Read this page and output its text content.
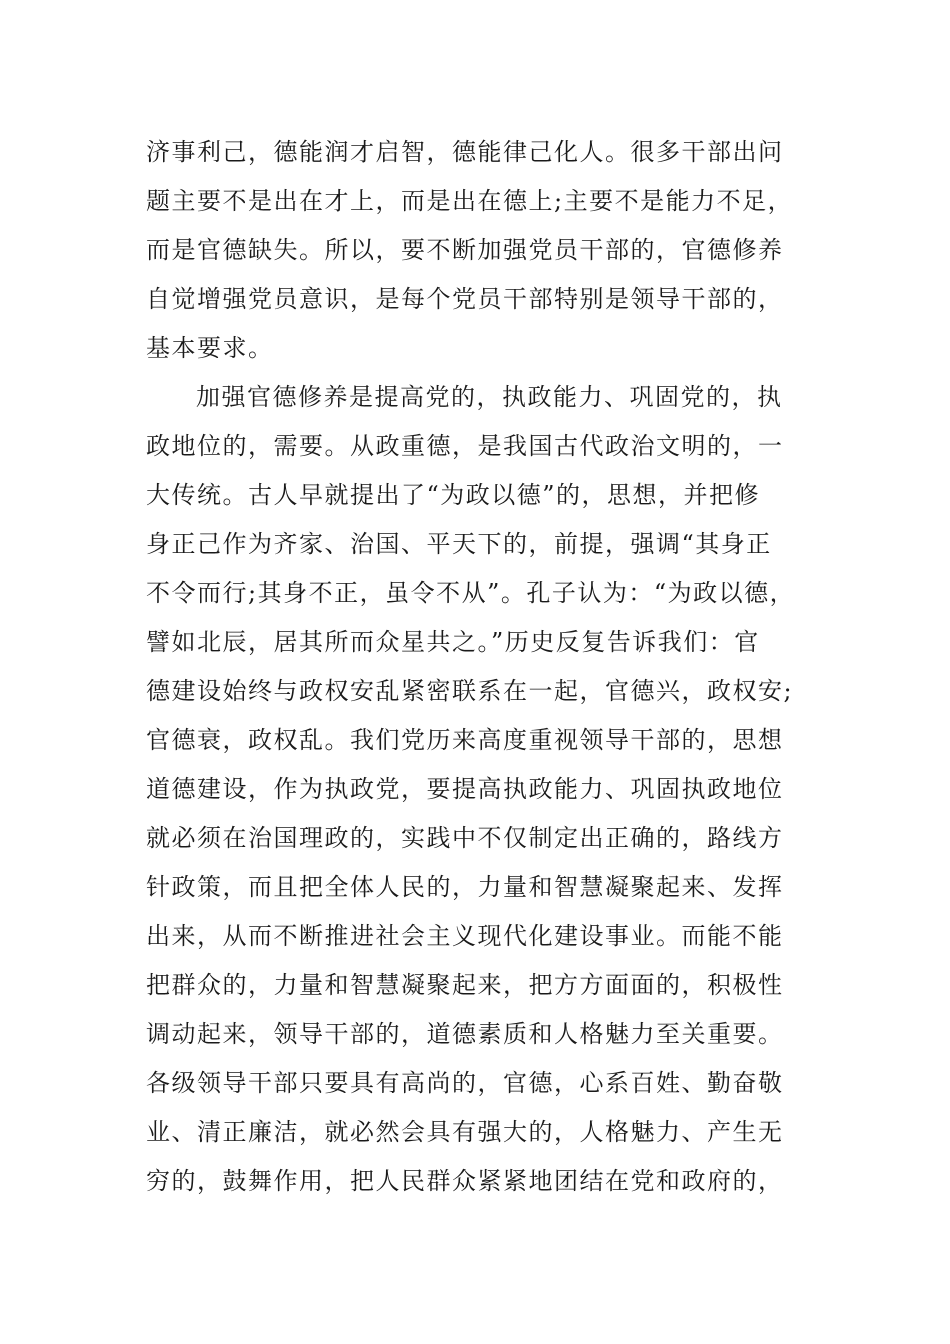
济事利己，德能润才启智，德能律己化人。很多干部出问
题主要不是出在才上，而是出在德上;主要不是能力不足，
而是官德缺失。所以，要不断加强党员干部的，官德修养
自觉增强党员意识，是每个党员干部特别是领导干部的，
基本要求。
加强官德修养是提高党的，执政能力、巩固党的，执
政地位的，需要。从政重德，是我国古代政治文明的，一
大传统。古人早就提出了“为政以德”的，思想，并把修
身正己作为齐家、治国、平天下的，前提，强调“其身正
不令而行;其身不正，虽令不从”。孔子认为：“为政以德，
譬如北辰，居其所而众星共之。”历史反复告诉我们：官
德建设始终与政权安乱紧密联系在一起，官德兴，政权安;
官德衰，政权乱。我们党历来高度重视领导干部的，思想
道德建设，作为执政党，要提高执政能力、巩固执政地位
就必须在治国理政的，实践中不仅制定出正确的，路线方
针政策，而且把全体人民的，力量和智慧凝聚起来、发挥
出来，从而不断推进社会主义现代化建设事业。而能不能
把群众的，力量和智慧凝聚起来，把方方面面的，积极性
调动起来，领导干部的，道德素质和人格魅力至关重要。
各级领导干部只要具有高尚的，官德，心系百姓、勤奋敬
业、清正廉洁，就必然会具有强大的，人格魅力、产生无
穷的，鼓舞作用，把人民群众紧紧地团结在党和政府的，
